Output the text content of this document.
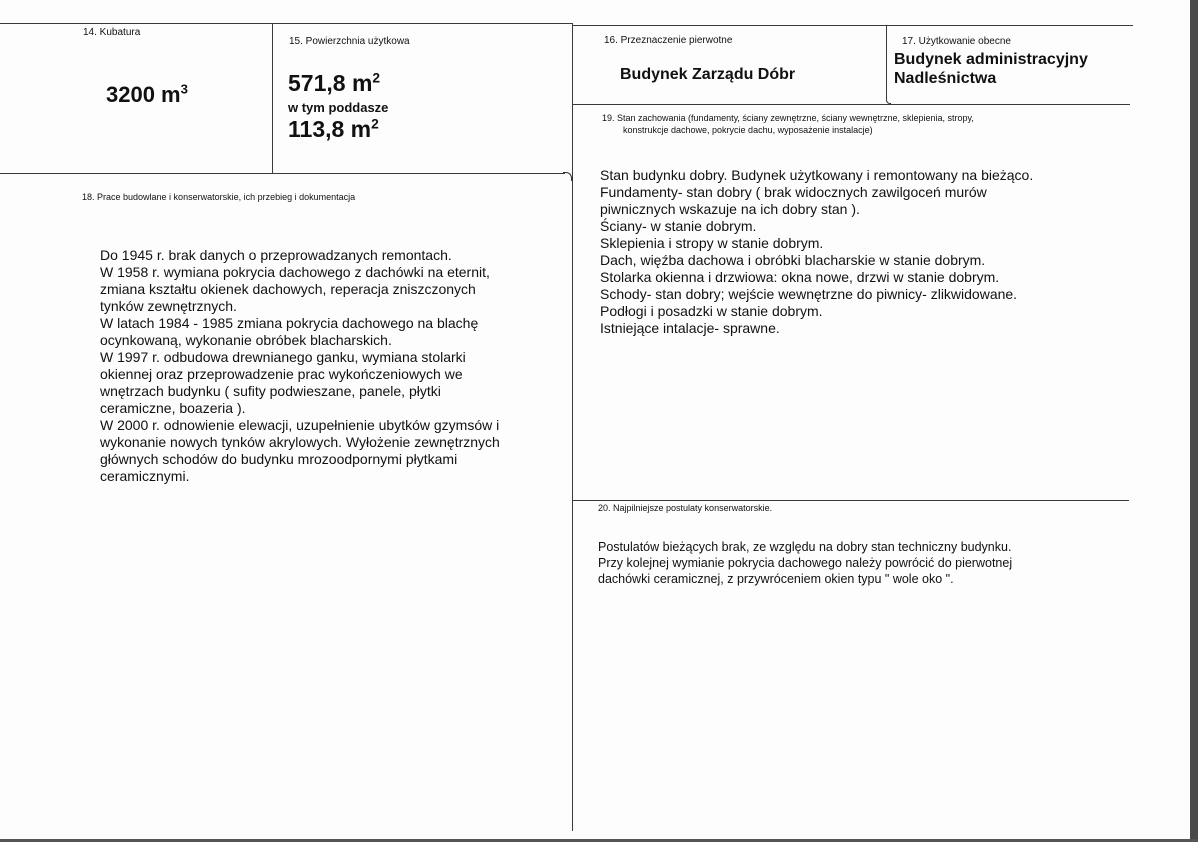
14. Kubatura
3200 $m^3$
15. Powierzchnia użytkowa
571,8 $m^2$
w tym poddasze
113,8 $m^2$
16. Przeznaczenie pierwotne
Budynek Zarządu Dóbr
17. Użytkowanie obecne
Budynek administracyjny
Nadleśnictwa
18. Prace budowlane i konserwatorskie, ich przebieg i dokumentacja
Do 1945 r. brak danych o przeprowadzanych remontach.
W 1958 r. wymiana pokrycia dachowego z dachówki na eternit,
zmiana kształtu okienek dachowych, reperacja zniszczonych
tynków zewnętrznych.
W latach 1984 - 1985 zmiana pokrycia dachowego na blachę
ocynkowaną, wykonanie obróbek blacharskich.
W 1997 r. odbudowa drewnianego ganku, wymiana stolarki
okiennej oraz przeprowadzenie prac wykończeniowych we
wnętrzach budynku ( sufity podwieszane, panele, płytki
ceramiczne, boazeria ).
W 2000 r. odnowienie elewacji, uzupełnienie ubytków gzymsów i
wykonanie nowych tynków akrylowych. Wyłożenie zewnętrznych
głównych schodów do budynku mrozoodpornymi płytkami
ceramicznymi.
19. Stan zachowania (fundamenty, ściany zewnętrzne, ściany wewnętrzne, sklepienia, stropy,
konstrukcje dachowe, pokrycie dachu, wyposażenie instalacje)
Stan budynku dobry. Budynek użytkowany i remontowany na bieżąco.
Fundamenty- stan dobry ( brak widocznych zawilgoceń murów
piwnicznych wskazuje na ich dobry stan ).
Ściany- w stanie dobrym.
Sklepienia i stropy w stanie dobrym.
Dach, więźba dachowa i obróbki blacharskie w stanie dobrym.
Stolarka okienna i drzwiowa: okna nowe, drzwi w stanie dobrym.
Schody- stan dobry; wejście wewnętrzne do piwnicy- zlikwidowane.
Podłogi i posadzki w stanie dobrym.
Istniejące intalacje- sprawne.
20. Najpilniejsze postulaty konserwatorskie.
Postulatów bieżących brak, ze względu na dobry stan techniczny budynku.
Przy kolejnej wymianie pokrycia dachowego należy powrócić do pierwotnej
dachówki ceramicznej, z przywróceniem okien typu " wole oko ".
